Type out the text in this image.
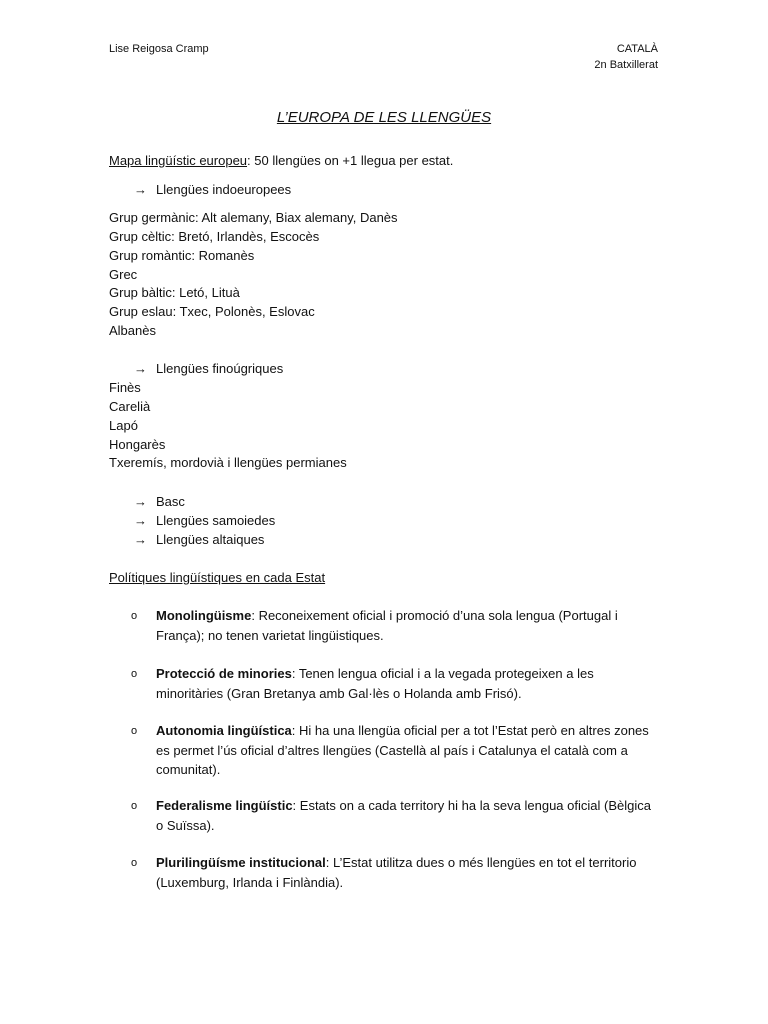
Lise Reigosa Cramp	CATALÀ
2n Batxillerat
L’EUROPA DE LES LLENGÜES
Mapa lingüístic europeu: 50 llengües on +1 llegua per estat.
→ Llengües indoeuropees
Grup germànic: Alt alemany, Biax alemany, Danès
Grup cèltic: Bretó, Irlandès, Escocès
Grup romàntic: Romanès
Grec
Grup bàltic: Letó, Lituà
Grup eslau: Txec, Polonès, Eslovac
Albanès
→ Llengües finoúgriques
Finès
Carelià
Lapó
Hongarès
Txeremís, mordovià i llengües permianes
→ Basc
→ Llengües samoiedes
→ Llengües altaiques
Polítiques lingüístiques en cada Estat
o Monolingüisme: Reconeixement oficial i promoció d’una sola lengua (Portugal i França); no tenen varietat lingüistiques.
o Protecció de minories: Tenen lengua oficial i a la vegada protegeixen a les minoritàries (Gran Bretanya amb Gal·lès o Holanda amb Frisó).
o Autonomia lingüística: Hi ha una llengüa oficial per a tot l’Estat però en altres zones es permet l’ús oficial d’altres llengües (Castellà al país i Catalunya el català com a comunitat).
o Federalisme lingüístic: Estats on a cada territory hi ha la seva lengua oficial (Bèlgica o Suïssa).
o Plurilingüísme institucional: L’Estat utilitza dues o més llengües en tot el territorio (Luxemburg, Irlanda i Finlàndia).
